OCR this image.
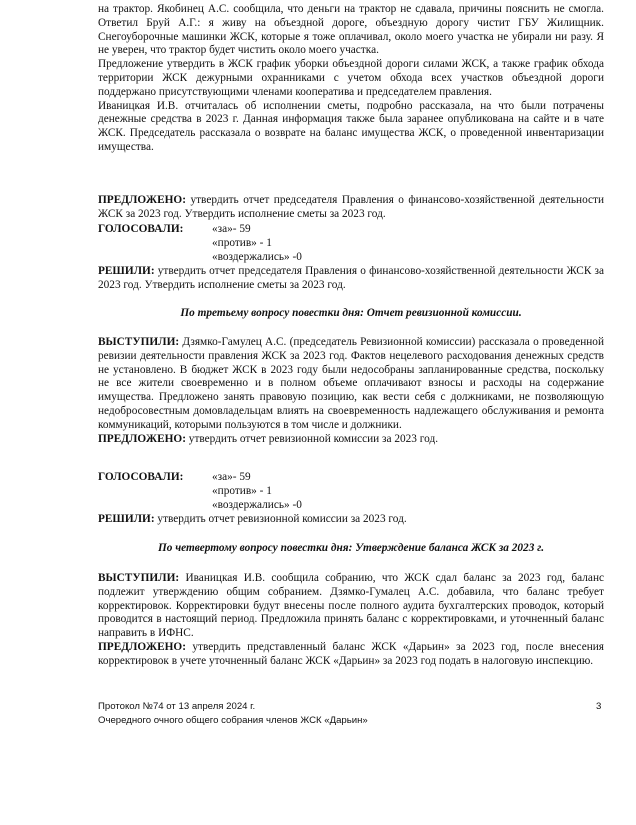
на трактор. Якобинец А.С. сообщила, что деньги на трактор не сдавала, причины пояснить не смогла. Ответил Бруй А.Г.: я живу на объездной дороге, объездную дорогу чистит ГБУ Жилищник. Снегоуборочные машинки ЖСК, которые я тоже оплачивал, около моего участка не убирали ни разу. Я не уверен, что трактор будет чистить около моего участка.

Предложение утвердить в ЖСК график уборки объездной дороги силами ЖСК, а также график обхода территории ЖСК дежурными охранниками с учетом обхода всех участков объездной дороги поддержано присутствующими членами кооператива и председателем правления.

Иваницкая И.В. отчиталась об исполнении сметы, подробно рассказала, на что были потрачены денежные средства в 2023 г. Данная информация также была заранее опубликована на сайте и в чате ЖСК. Председатель рассказала о возврате на баланс имущества ЖСК, о проведенной инвентаризации имущества.

ПРЕДЛОЖЕНО: утвердить отчет председателя Правления о финансово-хозяйственной деятельности ЖСК за 2023 год. Утвердить исполнение сметы за 2023 год.

ГОЛОСОВАЛИ:	«за»- 59
«против» - 1
«воздержались» -0

РЕШИЛИ: утвердить отчет председателя Правления о финансово-хозяйственной деятельности ЖСК за 2023 год. Утвердить исполнение сметы за 2023 год.

По третьему вопросу повестки дня: Отчет ревизионной комиссии.

ВЫСТУПИЛИ: Дзямко-Гамулец А.С. (председатель Ревизионной комиссии) рассказала о проведенной ревизии деятельности правления ЖСК за 2023 год. Фактов нецелевого расходования денежных средств не установлено. В бюджет ЖСК в 2023 году были недособраны запланированные средства, поскольку не все жители своевременно и в полном объеме оплачивают взносы и расходы на содержание имущества. Предложено занять правовую позицию, как вести себя с должниками, не позволяющую недобросовестным домовладельцам влиять на своевременность надлежащего обслуживания и ремонта коммуникаций, которыми пользуются в том числе и должники.

ПРЕДЛОЖЕНО: утвердить отчет ревизионной комиссии за 2023 год.

ГОЛОСОВАЛИ:	«за»- 59
«против» - 1
«воздержались» -0

РЕШИЛИ: утвердить отчет ревизионной комиссии за 2023 год.

По четвертому вопросу повестки дня: Утверждение баланса ЖСК за 2023 г.

ВЫСТУПИЛИ: Иваницкая И.В. сообщила собранию, что ЖСК сдал баланс за 2023 год, баланс подлежит утверждению общим собранием. Дзямко-Гумалец А.С. добавила, что баланс требует корректировок. Корректировки будут внесены после полного аудита бухгалтерских проводок, который проводится в настоящий период. Предложила принять баланс с корректировками, и уточненный баланс направить в ИФНС.

ПРЕДЛОЖЕНО: утвердить представленный баланс ЖСК «Дарьин» за 2023 год, после внесения корректировок в учете уточненный баланс ЖСК «Дарьин» за 2023 год подать в налоговую инспекцию.

Протокол №74 от 13 апреля 2024 г.
Очередного очного общего собрания членов ЖСК «Дарьин»
3
